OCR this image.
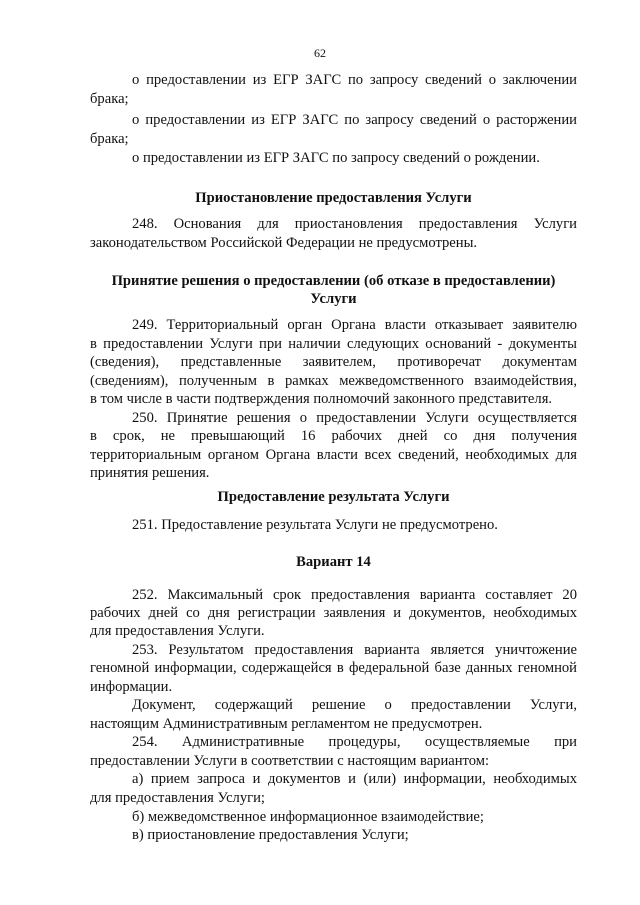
62
о предоставлении из ЕГР ЗАГС по запросу сведений о заключении
брака;
о предоставлении из ЕГР ЗАГС по запросу сведений о расторжении
брака;
о предоставлении из ЕГР ЗАГС по запросу сведений о рождении.
Приостановление предоставления Услуги
248. Основания для приостановления предоставления Услуги
законодательством Российской Федерации не предусмотрены.
Принятие решения о предоставлении (об отказе в предоставлении)
Услуги
249. Территориальный орган Органа власти отказывает заявителю
в предоставлении Услуги при наличии следующих оснований - документы
(сведения), представленные заявителем, противоречат документам
(сведениям), полученным в рамках межведомственного взаимодействия,
в том числе в части подтверждения полномочий законного представителя.
250. Принятие решения о предоставлении Услуги осуществляется
в срок, не превышающий 16 рабочих дней со дня получения
территориальным органом Органа власти всех сведений, необходимых для
принятия решения.
Предоставление результата Услуги
251. Предоставление результата Услуги не предусмотрено.
Вариант 14
252. Максимальный срок предоставления варианта составляет 20
рабочих дней со дня регистрации заявления и документов, необходимых
для предоставления Услуги.
253. Результатом предоставления варианта является уничтожение
геномной информации, содержащейся в федеральной базе данных геномной
информации.
Документ, содержащий решение о предоставлении Услуги,
настоящим Административным регламентом не предусмотрен.
254. Административные процедуры, осуществляемые при
предоставлении Услуги в соответствии с настоящим вариантом:
а) прием запроса и документов и (или) информации, необходимых
для предоставления Услуги;
б) межведомственное информационное взаимодействие;
в) приостановление предоставления Услуги;
